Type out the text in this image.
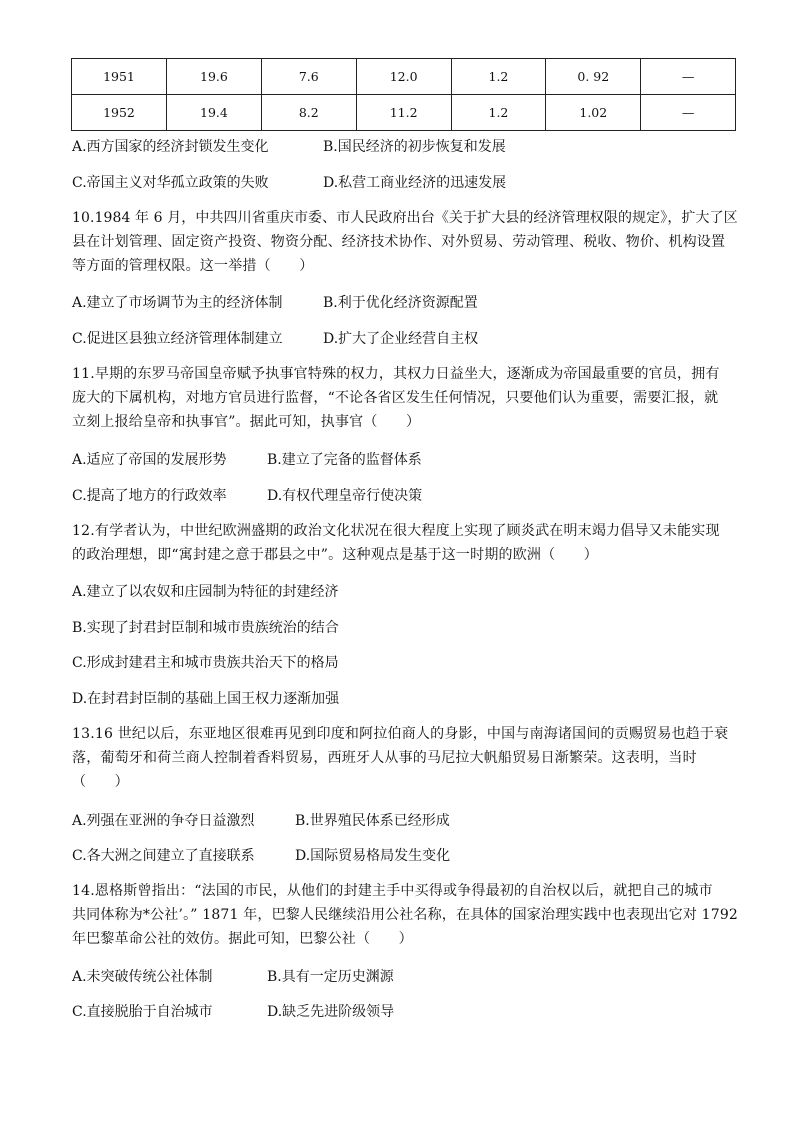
1951	19.6	7.6	12.0	1.2	0. 92	—
1952	19.4	8.2	11.2	1.2	1.02	—
A.西方国家的经济封锁发生变化	B.国民经济的初步恢复和发展
C.帝国主义对华孤立政策的失败	D.私营工商业经济的迅速发展
10.1984 年 6 月，中共四川省重庆市委、市人民政府出台《关于扩大县的经济管理权限的规定》，扩大了区
县在计划管理、固定资产投资、物资分配、经济技术协作、对外贸易、劳动管理、税收、物价、机构设置
等方面的管理权限。这一举措（　　）
A.建立了市场调节为主的经济体制	B.利于优化经济资源配置
C.促进区县独立经济管理体制建立	D.扩大了企业经营自主权
11.早期的东罗马帝国皇帝赋予执事官特殊的权力，其权力日益坐大，逐渐成为帝国最重要的官员，拥有
庞大的下属机构，对地方官员进行监督，“不论各省区发生任何情况，只要他们认为重要，需要汇报，就
立刻上报给皇帝和执事官”。据此可知，执事官（　　）
A.适应了帝国的发展形势	B.建立了完备的监督体系
C.提高了地方的行政效率	D.有权代理皇帝行使决策
12.有学者认为，中世纪欧洲盛期的政治文化状况在很大程度上实现了顾炎武在明末竭力倡导又未能实现
的政治理想，即“寓封建之意于郡县之中”。这种观点是基于这一时期的欧洲（　　）
A.建立了以农奴和庄园制为特征的封建经济
B.实现了封君封臣制和城市贵族统治的结合
C.形成封建君主和城市贵族共治天下的格局
D.在封君封臣制的基础上国王权力逐渐加强
13.16 世纪以后，东亚地区很难再见到印度和阿拉伯商人的身影，中国与南海诸国间的贡赐贸易也趋于衰
落，葡萄牙和荷兰商人控制着香料贸易，西班牙人从事的马尼拉大帆船贸易日渐繁荣。这表明，当时
（　　）
A.列强在亚洲的争夺日益激烈	B.世界殖民体系已经形成
C.各大洲之间建立了直接联系	D.国际贸易格局发生变化
14.恩格斯曾指出：“法国的市民，从他们的封建主手中买得或争得最初的自治权以后，就把自己的城市
共同体称为*公社’。” 1871 年，巴黎人民继续沿用公社名称，在具体的国家治理实践中也表现出它对 1792
年巴黎革命公社的效仿。据此可知，巴黎公社（　　）
A.未突破传统公社体制	B.具有一定历史渊源
C.直接脱胎于自治城市	D.缺乏先进阶级领导
